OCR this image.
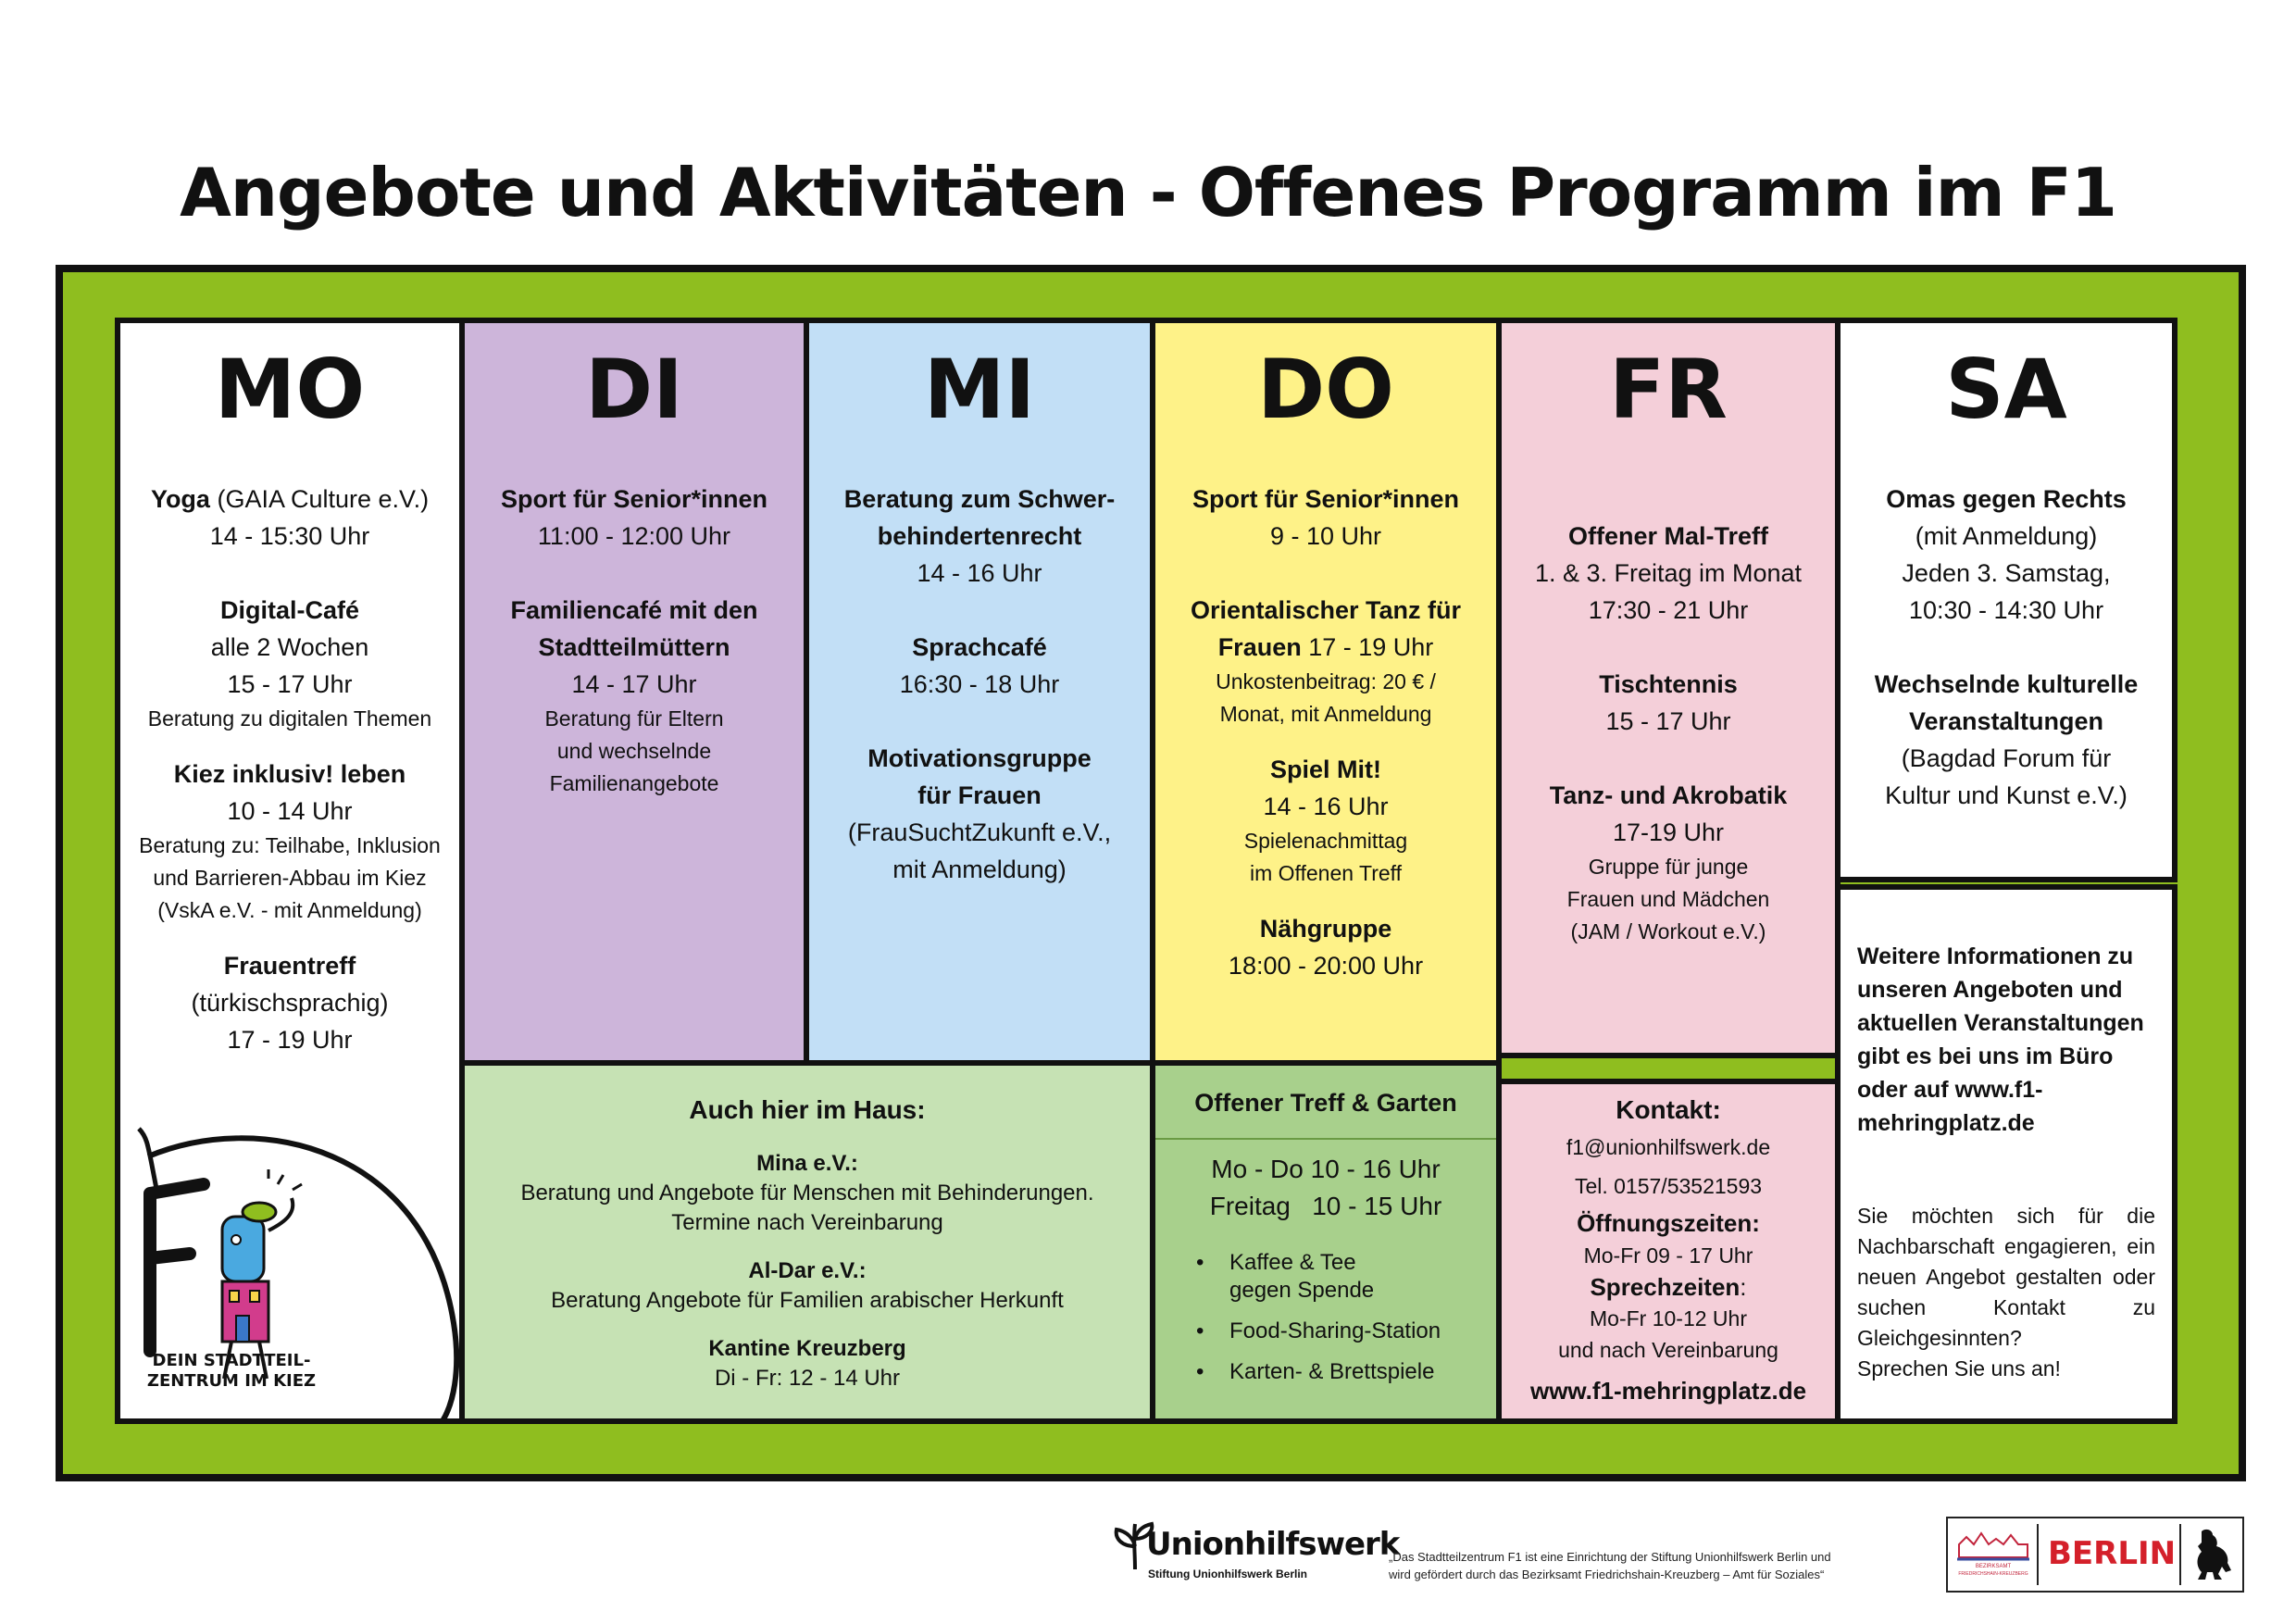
Angebote und Aktivitäten - Offenes Programm im F1
MO
Yoga (GAIA Culture e.V.)
14 - 15:30 Uhr
Digital-Café
alle 2 Wochen
15 - 17 Uhr
Beratung zu digitalen Themen
Kiez inklusiv! leben
10 - 14 Uhr
Beratung zu: Teilhabe, Inklusion
und Barrieren-Abbau im Kiez
(VskA e.V. - mit Anmeldung)
Frauentreff
(türkischsprachig)
17 - 19 Uhr
DEIN STADTTEIL-
ZENTRUM IM KIEZ
DI
Sport für Senior*innen
11:00 - 12:00 Uhr
Familiencafé mit den
Stadtteilmüttern
14 - 17 Uhr
Beratung für Eltern
und wechselnde
Familienangebote
MI
Beratung zum Schwer-
behindertenrecht
14 - 16 Uhr
Sprachcafé
16:30 - 18 Uhr
Motivationsgruppe
für Frauen
(FrauSuchtZukunft e.V.,
mit Anmeldung)
DO
Sport für Senior*innen
9 - 10 Uhr
Orientalischer Tanz für
Frauen 17 - 19 Uhr
Unkostenbeitrag: 20 € /
Monat, mit Anmeldung
Spiel Mit!
14 - 16 Uhr
Spielenachmittag
im Offenen Treff
Nähgruppe
18:00 - 20:00 Uhr
FR
Offener Mal-Treff
1. & 3. Freitag im Monat
17:30 - 21 Uhr
Tischtennis
15 - 17 Uhr
Tanz- und Akrobatik
17-19 Uhr
Gruppe für junge
Frauen und Mädchen
(JAM / Workout e.V.)
SA
Omas gegen Rechts
(mit Anmeldung)
Jeden 3. Samstag,
10:30 - 14:30 Uhr
Wechselnde kulturelle
Veranstaltungen
(Bagdad Forum für
Kultur und Kunst e.V.)
Weitere Informationen zu unseren Angeboten und aktuellen Veranstaltungen gibt es bei uns im Büro oder auf www.f1-mehringplatz.de
Sie möchten sich für die Nachbarschaft engagieren, ein neuen Angebot gestalten oder suchen Kontakt zu Gleichgesinnten?
Sprechen Sie uns an!
Auch hier im Haus:
Mina e.V.:
Beratung und Angebote für Menschen mit Behinderungen.
Termine nach Vereinbarung
Al-Dar e.V.:
Beratung Angebote für Familien arabischer Herkunft
Kantine Kreuzberg
Di - Fr: 12 - 14 Uhr
Offener Treff & Garten
Mo - Do 10 - 16 Uhr
Freitag   10 - 15 Uhr
• Kaffee & Tee gegen Spende
• Food-Sharing-Station
• Karten- & Brettspiele
Kontakt:
f1@unionhilfswerk.de
Tel. 0157/53521593
Öffnungszeiten:
Mo-Fr 09 - 17 Uhr
Sprechzeiten:
Mo-Fr 10-12 Uhr
und nach Vereinbarung
www.f1-mehringplatz.de
Unionhilfswerk
Stiftung Unionhilfswerk Berlin
„Das Stadtteilzentrum F1 ist eine Einrichtung der Stiftung Unionhilfswerk Berlin und
wird gefördert durch das Bezirksamt Friedrichshain-Kreuzberg – Amt für Soziales“
BEZIRKSAMT
FRIEDRICHSHAIN-KREUZBERG
BERLIN
